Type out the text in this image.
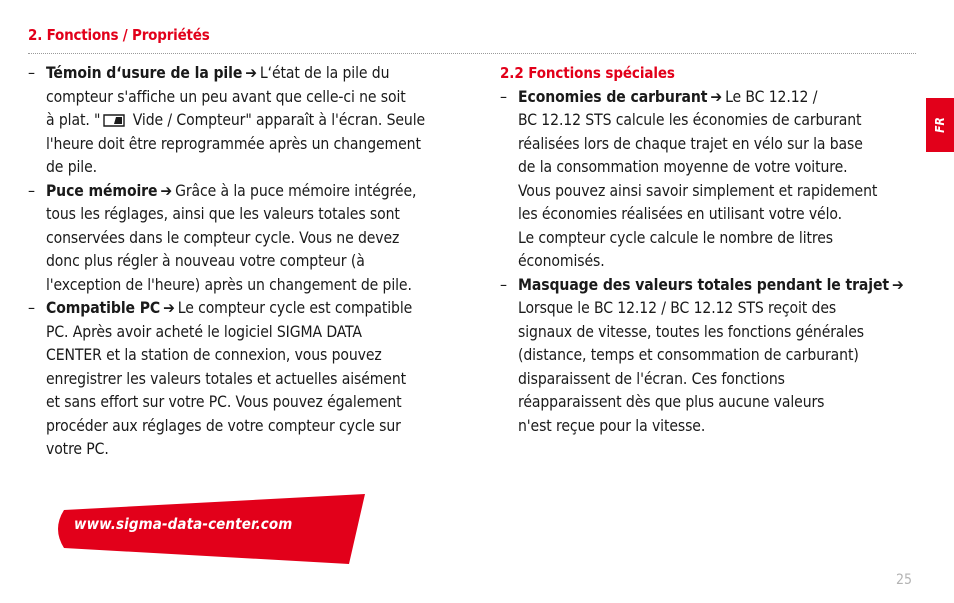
2. Fonctions / Propriétés
– Témoin d‘usure de la pile ➔ L‘état de la pile du
compteur s'affiche un peu avant que celle-ci ne soit
à plat. " Vide / Compteur" apparaît à l'écran. Seule
l'heure doit être reprogrammée après un changement
de pile.
– Puce mémoire ➔ Grâce à la puce mémoire intégrée,
tous les réglages, ainsi que les valeurs totales sont
conservées dans le compteur cycle. Vous ne devez
donc plus régler à nouveau votre compteur (à
l'exception de l'heure) après un changement de pile.
– Compatible PC ➔ Le compteur cycle est compatible
PC. Après avoir acheté le logiciel SIGMA DATA
CENTER et la station de connexion, vous pouvez
enregistrer les valeurs totales et actuelles aisément
et sans effort sur votre PC. Vous pouvez également
procéder aux réglages de votre compteur cycle sur
votre PC.
2.2 Fonctions spéciales
– Economies de carburant ➔ Le BC 12.12 /
BC 12.12 STS calcule les économies de carburant
réalisées lors de chaque trajet en vélo sur la base
de la consommation moyenne de votre voiture.
Vous pouvez ainsi savoir simplement et rapidement
les économies réalisées en utilisant votre vélo.
Le compteur cycle calcule le nombre de litres
économisés.
– Masquage des valeurs totales pendant le trajet ➔
Lorsque le BC 12.12 / BC 12.12 STS reçoit des
signaux de vitesse, toutes les fonctions générales
(distance, temps et consommation de carburant)
disparaissent de l'écran. Ces fonctions
réapparaissent dès que plus aucune valeurs
n'est reçue pour la vitesse.
FR
www.sigma-data-center.com
25
